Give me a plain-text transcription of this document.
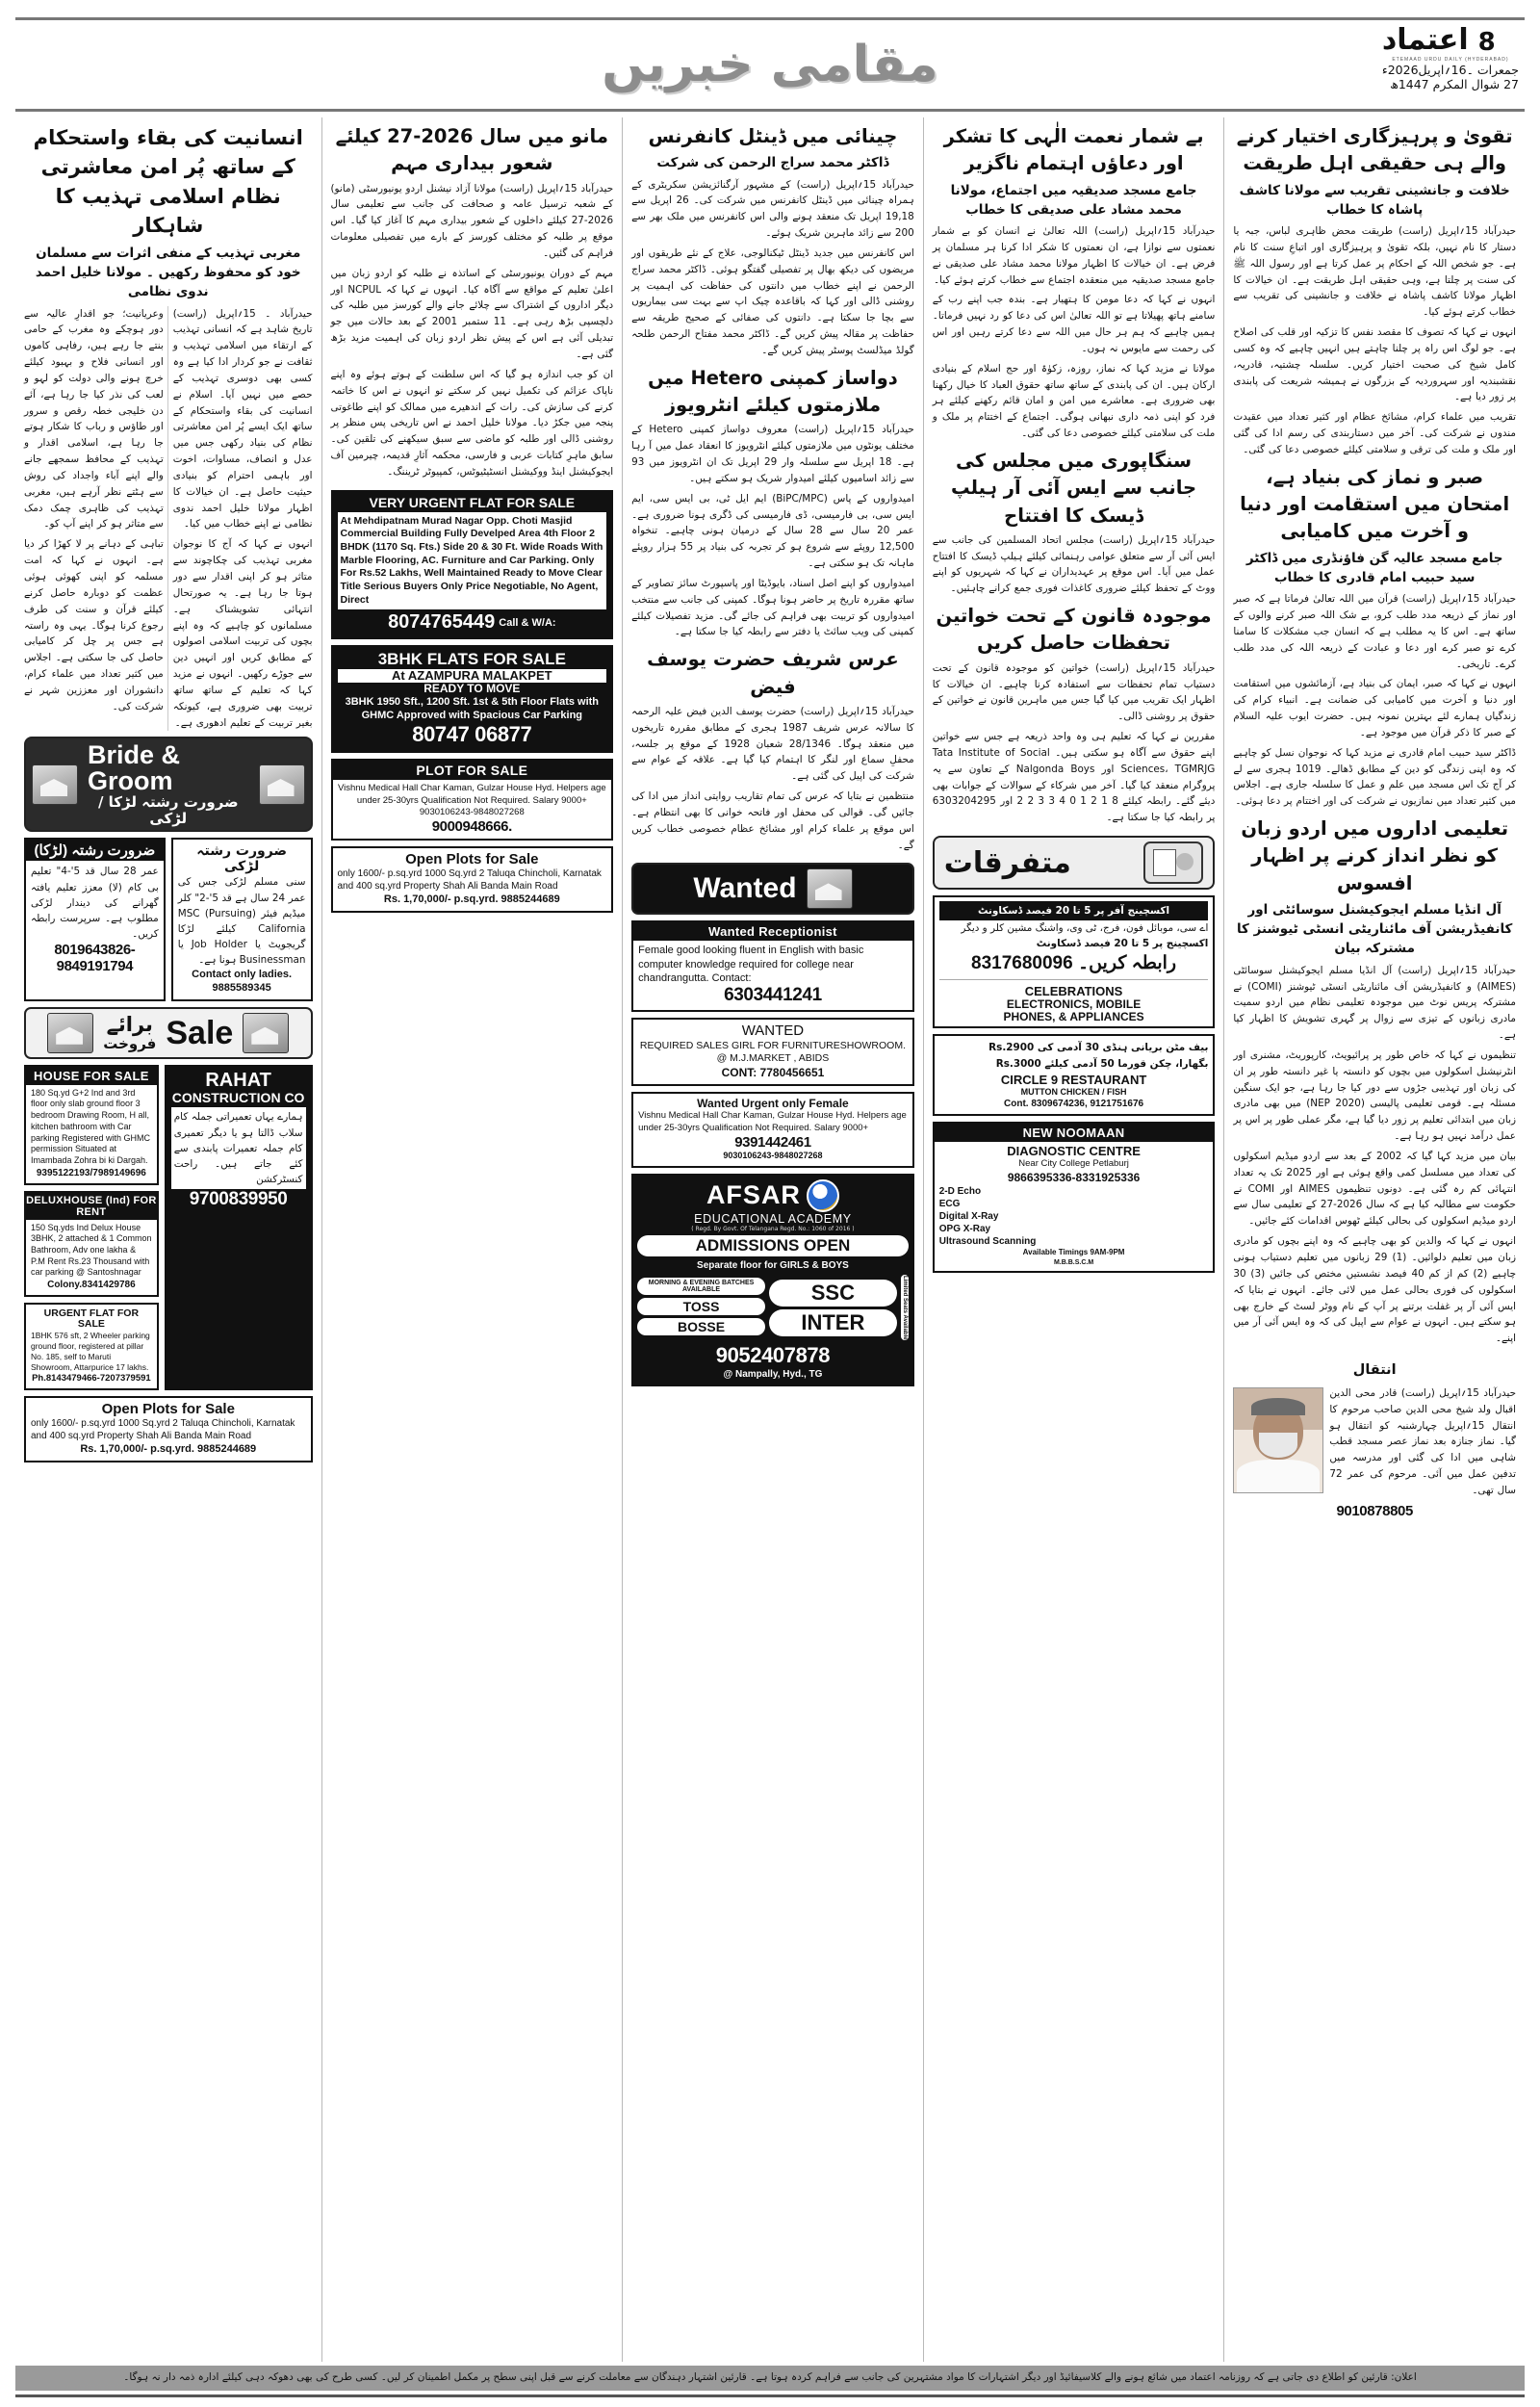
8
اعتماد
ETEMAAD URDU DAILY (HYDERABAD)
جمعرات ۔16؍اپریل2026ء
27 شوال المکرم 1447ھ
مقامی خبریں
تقویٰ و پرہیزگاری اختیار کرنے والے ہی حقیقی اہل طریقت
خلافت و جانشینی تقریب سے مولانا کاشف پاشاہ کا خطاب

حیدرآباد 15؍اپریل (راست) طریقت محض ظاہری لباس، جبہ یا دستار کا نام نہیں، بلکہ تقویٰ و پرہیزگاری اور اتباعِ سنت کا نام ہے۔ جو شخص اللہ کے احکام پر عمل کرتا ہے اور رسول اللہ ﷺ کی سنت پر چلتا ہے، وہی حقیقی اہل طریقت ہے۔ ان خیالات کا اظہار مولانا کاشف پاشاہ نے خلافت و جانشینی کی تقریب سے خطاب کرتے ہوئے کیا۔

انہوں نے کہا کہ تصوف کا مقصد نفس کا تزکیہ اور قلب کی اصلاح ہے۔ جو لوگ اس راہ پر چلنا چاہتے ہیں انہیں چاہیے کہ وہ کسی کامل شیخ کی صحبت اختیار کریں۔ سلسلہ چشتیہ، قادریہ، نقشبندیہ اور سہروردیہ کے بزرگوں نے ہمیشہ شریعت کی پابندی پر زور دیا ہے۔

تقریب میں علماء کرام، مشائخ عظام اور کثیر تعداد میں عقیدت مندوں نے شرکت کی۔ آخر میں دستاربندی کی رسم ادا کی گئی اور ملک و ملت کی ترقی و سلامتی کیلئے خصوصی دعا کی گئی۔

صبر و نماز کی بنیاد ہے، امتحان میں استقامت اور دنیا و آخرت میں کامیابی
جامع مسجد عالیہ گن فاؤنڈری میں ڈاکٹر سید حبیب امام قادری کا خطاب

حیدرآباد 15؍اپریل (راست) قرآن میں اللہ تعالیٰ فرماتا ہے کہ صبر اور نماز کے ذریعہ مدد طلب کرو، بے شک اللہ صبر کرنے والوں کے ساتھ ہے۔ اس کا یہ مطلب ہے کہ انسان جب مشکلات کا سامنا کرے تو صبر کرے اور دعا و عبادت کے ذریعہ اللہ کی مدد طلب کرے۔ تاریخی۔

انہوں نے کہا کہ صبر، ایمان کی بنیاد ہے، آزمائشوں میں استقامت اور دنیا و آخرت میں کامیابی کی ضمانت ہے۔ انبیاء کرام کی زندگیاں ہمارے لئے بہترین نمونہ ہیں۔ حضرت ایوب علیہ السلام کے صبر کا ذکر قرآن میں موجود ہے۔

ڈاکٹر سید حبیب امام قادری نے مزید کہا کہ نوجوان نسل کو چاہیے کہ وہ اپنی زندگی کو دین کے مطابق ڈھالے۔ 1019 ہجری سے لے کر آج تک اس مسجد میں علم و عمل کا سلسلہ جاری ہے۔ اجلاس میں کثیر تعداد میں نمازیوں نے شرکت کی اور اختتام پر دعا ہوئی۔

تعلیمی اداروں میں اردو زبان کو نظر انداز کرنے پر اظہار افسوس
آل انڈیا مسلم ایجوکیشنل سوسائٹی اور کانفیڈریشن آف مائناریٹی انسٹی ٹیوشنز کا مشترکہ بیان

حیدرآباد 15؍اپریل (راست) آل انڈیا مسلم ایجوکیشنل سوسائٹی (AIMES) و کانفیڈریشن آف مائناریٹی انسٹی ٹیوشنز (COMI) نے مشترکہ پریس نوٹ میں موجودہ تعلیمی نظام میں اردو سمیت مادری زبانوں کے تیزی سے زوال پر گہری تشویش کا اظہار کیا ہے۔

تنظیموں نے کہا کہ خاص طور پر پرائیویٹ، کارپوریٹ، مشنری اور انٹرنیشنل اسکولوں میں بچوں کو دانستہ یا غیر دانستہ طور پر ان کی زبان اور تہذیبی جڑوں سے دور کیا جا رہا ہے، جو ایک سنگین مسئلہ ہے۔ قومی تعلیمی پالیسی (NEP 2020) میں بھی مادری زبان میں ابتدائی تعلیم پر زور دیا گیا ہے، مگر عملی طور پر اس پر عمل درآمد نہیں ہو رہا ہے۔

بیان میں مزید کہا گیا کہ 2002 کے بعد سے اردو میڈیم اسکولوں کی تعداد میں مسلسل کمی واقع ہوئی ہے اور 2025 تک یہ تعداد انتہائی کم رہ گئی ہے۔ دونوں تنظیموں AIMES اور COMI نے حکومت سے مطالبہ کیا ہے کہ سال 2026-27 کے تعلیمی سال سے اردو میڈیم اسکولوں کی بحالی کیلئے ٹھوس اقدامات کئے جائیں۔

انہوں نے کہا کہ والدین کو بھی چاہیے کہ وہ اپنے بچوں کو مادری زبان میں تعلیم دلوائیں۔ (1) 29 زبانوں میں تعلیم دستیاب ہونی چاہیے (2) کم از کم 40 فیصد نشستیں مختص کی جائیں (3) 30 اسکولوں کی فوری بحالی عمل میں لائی جائے۔ انہوں نے بتایا کہ ایس آئی آر پر غفلت برتنے پر آپ کے نام ووٹر لسٹ کے خارج بھی ہو سکتے ہیں۔ انہوں نے عوام سے اپیل کی کہ وہ ایس آئی آر میں اپنے۔

انتقال

حیدرآباد 15؍اپریل (راست) قادر محی الدین اقبال ولد شیخ محی الدین صاحب مرحوم کا انتقال 15؍اپریل چہارشنبہ کو انتقال ہو گیا۔ نماز جنازہ بعد نماز عصر مسجد قطب شاہی میں ادا کی گئی اور مدرسہ میں تدفین عمل میں آئی۔ مرحوم کی عمر 72 سال تھی۔

9010878805
بے شمار نعمت الٰہی کا تشکر اور دعاؤں اہتمام ناگزیر
جامع مسجد صدیقیہ میں اجتماع، مولانا محمد مشاد علی صدیقی کا خطاب

حیدرآباد 15؍اپریل (راست) اللہ تعالیٰ نے انسان کو بے شمار نعمتوں سے نوازا ہے، ان نعمتوں کا شکر ادا کرنا ہر مسلمان پر فرض ہے۔ ان خیالات کا اظہار مولانا محمد مشاد علی صدیقی نے جامع مسجد صدیقیہ میں منعقدہ اجتماع سے خطاب کرتے ہوئے کیا۔

انہوں نے کہا کہ دعا مومن کا ہتھیار ہے۔ بندہ جب اپنے رب کے سامنے ہاتھ پھیلاتا ہے تو اللہ تعالیٰ اس کی دعا کو رد نہیں فرماتا۔ ہمیں چاہیے کہ ہم ہر حال میں اللہ سے دعا کرتے رہیں اور اس کی رحمت سے مایوس نہ ہوں۔

مولانا نے مزید کہا کہ نماز، روزہ، زکوٰۃ اور حج اسلام کے بنیادی ارکان ہیں۔ ان کی پابندی کے ساتھ ساتھ حقوق العباد کا خیال رکھنا بھی ضروری ہے۔ معاشرے میں امن و امان قائم رکھنے کیلئے ہر فرد کو اپنی ذمہ داری نبھانی ہوگی۔ اجتماع کے اختتام پر ملک و ملت کی سلامتی کیلئے خصوصی دعا کی گئی۔

سنگاپوری میں مجلس کی جانب سے ایس آئی آر ہیلپ ڈیسک کا افتتاح

حیدرآباد 15؍اپریل (راست) مجلس اتحاد المسلمین کی جانب سے ایس آئی آر سے متعلق عوامی رہنمائی کیلئے ہیلپ ڈیسک کا افتتاح عمل میں آیا۔ اس موقع پر عہدیداران نے کہا کہ شہریوں کو اپنے ووٹ کے تحفظ کیلئے ضروری کاغذات فوری جمع کرانے چاہئیں۔

موجودہ قانون کے تحت خواتین تحفظات حاصل کریں

حیدرآباد 15؍اپریل (راست) خواتین کو موجودہ قانون کے تحت دستیاب تمام تحفظات سے استفادہ کرنا چاہیے۔ ان خیالات کا اظہار ایک تقریب میں کیا گیا جس میں ماہرین قانون نے خواتین کے حقوق پر روشنی ڈالی۔

مقررین نے کہا کہ تعلیم ہی وہ واحد ذریعہ ہے جس سے خواتین اپنے حقوق سے آگاہ ہو سکتی ہیں۔ Tata Institute of Social Sciences، TGMRJG اور Nalgonda Boys کے تعاون سے یہ پروگرام منعقد کیا گیا۔ آخر میں شرکاء کے سوالات کے جوابات بھی دیئے گئے۔ رابطہ کیلئے 8 1 2 1 0 4 3 3 2 2 اور 6303204295 پر رابطہ کیا جا سکتا ہے۔

متفرقات
اکسچینج آفر پر 5 تا 20 فیصد ڈسکاونٹ
اے سی، موبائل فون، فرج، ٹی وی، واشنگ مشین کلر و دیگر
اکسچینج پر 5 تا 20 فیصد ڈسکاونٹ
رابطہ کریں۔ 8317680096
CELEBRATIONS
ELECTRONICS, MOBILE
PHONES, & APPLIANCES
بیف مٹن بریانی ہنڈی 30 آدمی کی Rs.2900
بگھارا، چکن قورما 50 آدمی کیلئے Rs.3000
CIRCLE 9 RESTAURANT
MUTTON CHICKEN / FISH
Cont. 8309674236, 9121751676
NEW NOOMAAN
DIAGNOSTIC CENTRE
Near City College Petlaburj
9866395336-8331925336
2-D Echo
ECG
Digital X-Ray
OPG X-Ray
Ultrasound Scanning
Available Timings 9AM-9PM
M.B.B.S.C.M
چینائی میں ڈینٹل کانفرنس
ڈاکٹر محمد سراج الرحمن کی شرکت

حیدرآباد 15؍اپریل (راست) کے مشہور آرگنائزیشن سکریٹری کے ہمراہ چینائی میں ڈینٹل کانفرنس میں شرکت کی۔ 26 اپریل سے 19,18 اپریل تک منعقد ہونے والی اس کانفرنس میں ملک بھر سے 200 سے زائد ماہرین شریک ہوئے۔

اس کانفرنس میں جدید ڈینٹل ٹیکنالوجی، علاج کے نئے طریقوں اور مریضوں کی دیکھ بھال پر تفصیلی گفتگو ہوئی۔ ڈاکٹر محمد سراج الرحمن نے اپنے خطاب میں دانتوں کی حفاظت کی اہمیت پر روشنی ڈالی اور کہا کہ باقاعدہ چیک اپ سے بہت سی بیماریوں سے بچا جا سکتا ہے۔ دانتوں کی صفائی کے صحیح طریقہ سے حفاظت پر مقالہ پیش کریں گے۔ ڈاکٹر محمد مفتاح الرحمن طلحہ گولڈ میڈلسٹ پوسٹر پیش کریں گے۔

دواساز کمپنی Hetero میں ملازمتوں کیلئے انٹرویوز

حیدرآباد 15؍اپریل (راست) معروف دواساز کمپنی Hetero کے مختلف یونٹوں میں ملازمتوں کیلئے انٹرویوز کا انعقاد عمل میں آ رہا ہے۔ 18 اپریل سے سلسلہ وار 29 اپریل تک ان انٹرویوز میں 93 سے زائد اسامیوں کیلئے امیدوار شریک ہو سکتے ہیں۔

امیدواروں کے پاس (BiPC/MPC) ایم ایل ٹی، بی ایس سی، ایم ایس سی، بی فارمیسی، ڈی فارمیسی کی ڈگری ہونا ضروری ہے۔ عمر 20 سال سے 28 سال کے درمیان ہونی چاہیے۔ تنخواہ 12,500 روپئے سے شروع ہو کر تجربہ کی بنیاد پر 55 ہزار روپئے ماہانہ تک ہو سکتی ہے۔

امیدواروں کو اپنے اصل اسناد، بایوڈیٹا اور پاسپورٹ سائز تصاویر کے ساتھ مقررہ تاریخ پر حاضر ہونا ہوگا۔ کمپنی کی جانب سے منتخب امیدواروں کو تربیت بھی فراہم کی جائے گی۔ مزید تفصیلات کیلئے کمپنی کی ویب سائٹ یا دفتر سے رابطہ کیا جا سکتا ہے۔

عرس شریف حضرت یوسف فیض

حیدرآباد 15؍اپریل (راست) حضرت یوسف الدین فیض علیہ الرحمہ کا سالانہ عرس شریف 1987 ہجری کے مطابق مقررہ تاریخوں میں منعقد ہوگا۔ 28/1346 شعبان 1928 کے موقع پر جلسہ، محفلِ سماع اور لنگر کا اہتمام کیا گیا ہے۔ علاقہ کے عوام سے شرکت کی اپیل کی گئی ہے۔

منتظمین نے بتایا کہ عرس کی تمام تقاریب روایتی انداز میں ادا کی جائیں گی۔ قوالی کی محفل اور فاتحہ خوانی کا بھی انتظام ہے۔ اس موقع پر علماء کرام اور مشائخ عظام خصوصی خطاب کریں گے۔

Wanted
Wanted Receptionist
Female good looking fluent in English with basic computer knowledge required for college near chandrangutta. Contact:
6303441241
WANTED
REQUIRED SALES GIRL FOR FURNITURESHOWROOM. @ M.J.MARKET , ABIDS
CONT: 7780456651
Wanted Urgent only Female
Vishnu Medical Hall Char Kaman, Gulzar House Hyd. Helpers age under 25-30yrs Qualification Not Required. Salary 9000+
9391442461
9030106243-9848027268
AFSAR
EDUCATIONAL ACADEMY
( Regd. By Govt. Of Telangana Regd. No.: 1060 of 2016 )
ADMISSIONS OPEN
Separate floor for GIRLS & BOYS
Limited Seats Available
SSC
INTER
MORNING & EVENING BATCHES AVAILABLE
TOSS
BOSSE
9052407878
@ Nampally, Hyd., TG
مانو میں سال 2026-27 کیلئے شعور بیداری مہم

حیدرآباد 15؍اپریل (راست) مولانا آزاد نیشنل اردو یونیورسٹی (مانو) کے شعبہ ترسیل عامہ و صحافت کی جانب سے تعلیمی سال 2026-27 کیلئے داخلوں کے شعور بیداری مہم کا آغاز کیا گیا۔ اس موقع پر طلبہ کو مختلف کورسز کے بارے میں تفصیلی معلومات فراہم کی گئیں۔

مہم کے دوران یونیورسٹی کے اساتذہ نے طلبہ کو اردو زبان میں اعلیٰ تعلیم کے مواقع سے آگاہ کیا۔ انہوں نے کہا کہ NCPUL اور دیگر اداروں کے اشتراک سے چلائے جانے والے کورسز میں طلبہ کی دلچسپی بڑھ رہی ہے۔ 11 ستمبر 2001 کے بعد حالات میں جو تبدیلی آئی ہے اس کے پیش نظر اردو زبان کی اہمیت مزید بڑھ گئی ہے۔

ان کو جب اندازہ ہو گیا کہ اس سلطنت کے ہوتے ہوئے وہ اپنے ناپاک عزائم کی تکمیل نہیں کر سکتے تو انہوں نے اس کا خاتمہ کرنے کی سازش کی۔ رات کے اندھیرے میں ممالک کو اپنے طاغوتی پنجہ میں جکڑ دیا۔ مولانا خلیل احمد نے اس تاریخی پس منظر پر روشنی ڈالی اور طلبہ کو ماضی سے سبق سیکھنے کی تلقین کی۔ سابق ماہرِ کتابات عربی و فارسی، محکمہ آثارِ قدیمہ، چیرمین آف ایجوکیشنل اینڈ ووکیشنل انسٹیٹیوٹس، کمپیوٹر ٹریننگ۔

VERY URGENT FLAT FOR SALE
At Mehdipatnam Murad Nagar Opp. Choti Masjid Commercial Building Fully Develped Area 4th Floor 2 BHDK (1170 Sq. Fts.) Side 20 & 30 Ft. Wide Roads With Marble Flooring, AC. Furniture and Car Parking. Only For Rs.52 Lakhs, Well Maintained Ready to Move Clear Title Serious Buyers Only Price Negotiable, No Agent, Direct
Call & W/A:
8074765449
3BHK FLATS FOR SALE
At AZAMPURA MALAKPET
READY TO MOVE
3BHK 1950 Sft., 1200 Sft. 1st & 5th Floor Flats with GHMC Approved with Spacious Car Parking
80747 06877
PLOT FOR SALE
Vishnu Medical Hall Char Kaman, Gulzar House Hyd. Helpers age under 25-30yrs Qualification Not Required. Salary 9000+ 9030106243-9848027268
9000948666.
Open Plots for Sale
only 1600/- p.sq.yrd 1000 Sq.yrd 2 Taluqa Chincholi, Karnatak and 400 sq.yrd Property Shah Ali Banda Main Road
Rs. 1,70,000/- p.sq.yrd. 9885244689
انسانیت کی بقاء واستحکام کے ساتھ پُر امن معاشرتی نظام اسلامی تہذیب کا شاہکار
مغربی تہذیب کے منفی اثرات سے مسلمان خود کو محفوظ رکھیں ۔ مولانا خلیل احمد ندوی نظامی

حیدرآباد ۔ 15؍اپریل (راست) تاریخ شاہد ہے کہ انسانی تہذیب کے ارتقاء میں اسلامی تہذیب و ثقافت نے جو کردار ادا کیا ہے وہ کسی بھی دوسری تہذیب کے حصے میں نہیں آیا۔ اسلام نے انسانیت کی بقاء واستحکام کے ساتھ ایک ایسے پُر امن معاشرتی نظام کی بنیاد رکھی جس میں عدل و انصاف، مساوات، اخوت اور باہمی احترام کو بنیادی حیثیت حاصل ہے۔ ان خیالات کا اظہار مولانا خلیل احمد ندوی نظامی نے اپنے خطاب میں کیا۔

انہوں نے کہا کہ آج کا نوجوان مغربی تہذیب کی چکاچوند سے متاثر ہو کر اپنی اقدار سے دور ہوتا جا رہا ہے۔ یہ صورتحال انتہائی تشویشناک ہے۔ مسلمانوں کو چاہیے کہ وہ اپنے بچوں کی تربیت اسلامی اصولوں کے مطابق کریں اور انہیں دین سے جوڑے رکھیں۔ انہوں نے مزید کہا کہ تعلیم کے ساتھ ساتھ تربیت بھی ضروری ہے، کیونکہ بغیر تربیت کے تعلیم ادھوری ہے۔

وعریانیت؛ جو اقدارِ عالیہ سے دور ہوچکے وہ مغرب کے حامی بنتے جا رہے ہیں، رفاہی کاموں اور انسانی فلاح و بہبود کیلئے خرچ ہونے والی دولت کو لہو و لعب کی نذر کیا جا رہا ہے، آئے دن خلیجی خطہ رقص و سرور اور طاؤس و رباب کا شکار ہوتے جا رہا ہے، اسلامی اقدار و تہذیب کے محافظ سمجھے جانے والے اپنے آباء واجداد کی روش سے ہٹتے نظر آرہے ہیں، مغربی تہذیب کی ظاہری چمک دمک سے متاثر ہو کر اپنے آپ کو۔

تباہی کے دہانے پر لا کھڑا کر دیا ہے۔ انہوں نے کہا کہ امت مسلمہ کو اپنی کھوئی ہوئی عظمت کو دوبارہ حاصل کرنے کیلئے قرآن و سنت کی طرف رجوع کرنا ہوگا۔ یہی وہ راستہ ہے جس پر چل کر کامیابی حاصل کی جا سکتی ہے۔ اجلاس میں کثیر تعداد میں علماء کرام، دانشوران اور معززین شہر نے شرکت کی۔

Bride & Groom
ضرورت رشتہ لڑکا / لڑکی
ضرورت رشتہ لڑکی
سنی مسلم لڑکی جس کی عمر 24 سال ہے قد 5'-2" کلر میڈیم فیئر MSC (Pursuing) California کیلئے لڑکا گریجویٹ یا Job Holder یا Businessman ہونا ہے۔
Contact only ladies. 9885589345
ضرورت رشتہ (لڑکا)
عمر 28 سال قد 5'-4" تعلیم بی کام (لا) معزز تعلیم یافتہ گھرانے کی دیندار لڑکی مطلوب ہے۔ سرپرست رابطہ کریں۔
8019643826-9849191794
Sale
برائے
فروخت
RAHAT
CONSTRUCTION CO
ہمارے یہاں تعمیراتی جملہ کام سلاب ڈالتا ہو یا دیگر تعمیری کام جملہ تعمیرات پابندی سے کئے جاتے ہیں۔ راحت کنسٹرکشن
9700839950
HOUSE FOR SALE
180 Sq.yd G+2 Ind and 3rd floor only slab ground floor 3 bedroom Drawing Room, H all, kitchen bathroom with Car parking Registered with GHMC permission Situated at Imambada Zohra bi ki Dargah.
9395122193/7989149696
DELUXHOUSE (Ind) FOR RENT
150 Sq.yds Ind Delux House 3BHK, 2 attached & 1 Common Bathroom, Adv one lakha & P.M Rent Rs.23 Thousand with car parking @ Santoshnagar
Colony.8341429786
URGENT FLAT FOR SALE
1BHK 576 sft, 2 Wheeler parking ground floor, registered at pillar No. 185, self to Maruti Showroom, Attarpurice 17 lakhs.
Ph.8143479466-7207379591
Open Plots for Sale
only 1600/- p.sq.yrd 1000 Sq.yrd 2 Taluqa Chincholi, Karnatak and 400 sq.yrd Property Shah Ali Banda Main Road
Rs. 1,70,000/- p.sq.yrd. 9885244689
اعلان: قارئین کو اطلاع دی جاتی ہے کہ روزنامہ اعتماد میں شائع ہونے والے کلاسیفائیڈ اور دیگر اشتہارات کا مواد مشتہرین کی جانب سے فراہم کردہ ہوتا ہے۔ قارئین اشتہار دہندگان سے معاملت کرنے سے قبل اپنی سطح پر مکمل اطمینان کر لیں۔ کسی طرح کی بھی دھوکہ دہی کیلئے ادارہ ذمہ دار نہ ہوگا۔
